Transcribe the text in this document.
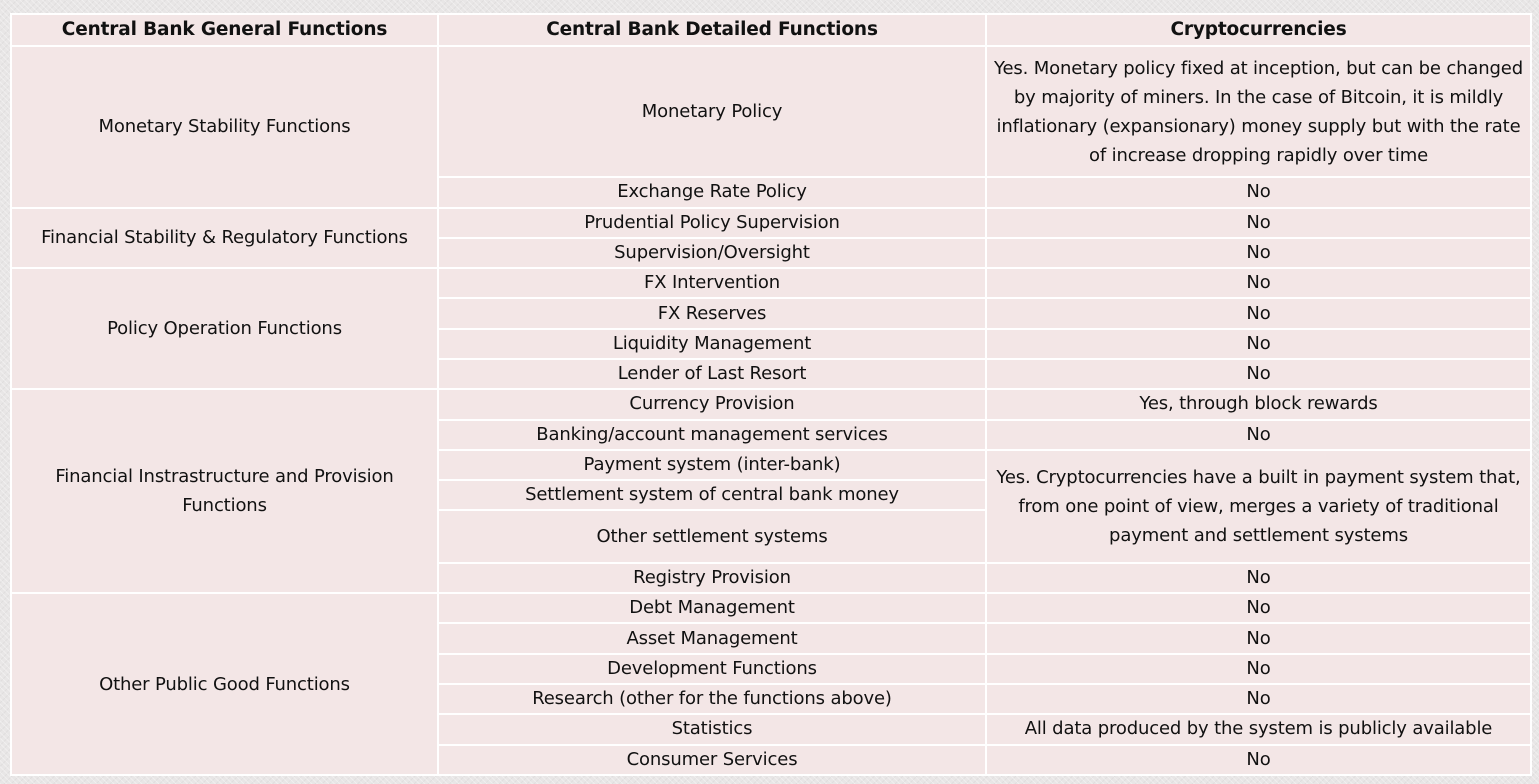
Central Bank General Functions	Central Bank Detailed Functions	Cryptocurrencies
Monetary Stability Functions	Monetary Policy	Yes. Monetary policy fixed at inception, but can be changed by majority of miners. In the case of Bitcoin, it is mildly inflationary (expansionary) money supply but with the rate of increase dropping rapidly over time
	Exchange Rate Policy	No
Financial Stability & Regulatory Functions	Prudential Policy Supervision	No
	Supervision/Oversight	No
Policy Operation Functions	FX Intervention	No
	FX Reserves	No
	Liquidity Management	No
	Lender of Last Resort	No
Financial Instrastructure and Provision Functions	Currency Provision	Yes, through block rewards
	Banking/account management services	No
	Payment system (inter-bank)	Yes. Cryptocurrencies have a built in payment system that, from one point of view, merges a variety of traditional payment and settlement systems
	Settlement system of central bank money	
	Other settlement systems	
	Registry Provision	No
Other Public Good Functions	Debt Management	No
	Asset Management	No
	Development Functions	No
	Research (other for the functions above)	No
	Statistics	All data produced by the system is publicly available
	Consumer Services	No
